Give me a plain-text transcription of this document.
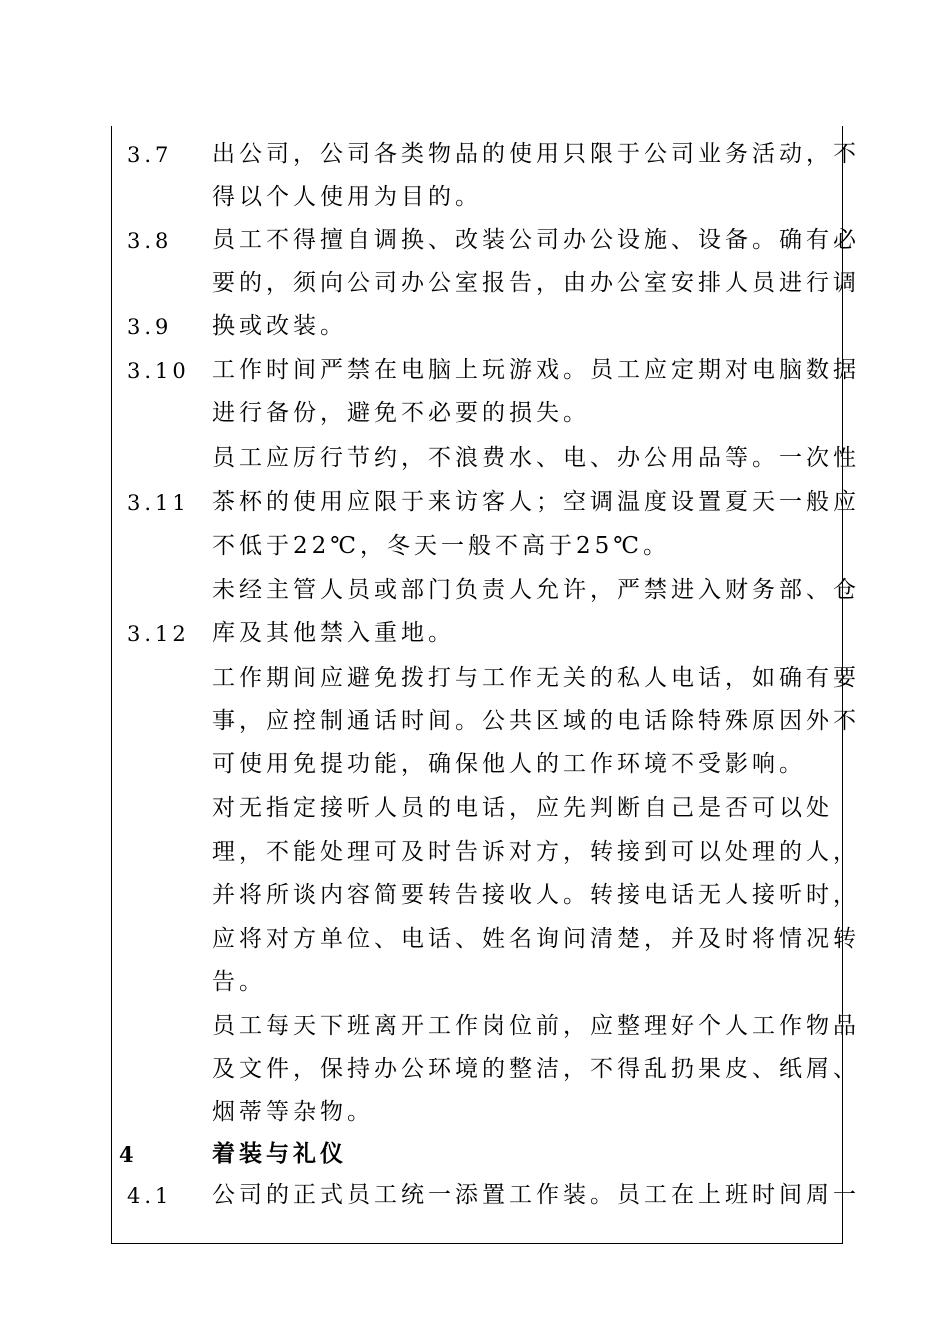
3.7 出公司，公司各类物品的使用只限于公司业务活动，不
得以个人使用为目的。
3.8 员工不得擅自调换、改装公司办公设施、设备。确有必
要的，须向公司办公室报告，由办公室安排人员进行调
3.9 换或改装。
3.10 工作时间严禁在电脑上玩游戏。员工应定期对电脑数据
进行备份，避免不必要的损失。
员工应厉行节约，不浪费水、电、办公用品等。一次性
3.11 茶杯的使用应限于来访客人；空调温度设置夏天一般应
不低于22℃，冬天一般不高于25℃。
未经主管人员或部门负责人允许，严禁进入财务部、仓
3.12 库及其他禁入重地。
工作期间应避免拨打与工作无关的私人电话，如确有要
事，应控制通话时间。公共区域的电话除特殊原因外不
可使用免提功能，确保他人的工作环境不受影响。
对无指定接听人员的电话，应先判断自己是否可以处
理，不能处理可及时告诉对方，转接到可以处理的人，
并将所谈内容简要转告接收人。转接电话无人接听时，
应将对方单位、电话、姓名询问清楚，并及时将情况转
告。
员工每天下班离开工作岗位前，应整理好个人工作物品
及文件，保持办公环境的整洁，不得乱扔果皮、纸屑、
烟蒂等杂物。
4	着装与礼仪
4.1 公司的正式员工统一添置工作装。员工在上班时间周一
